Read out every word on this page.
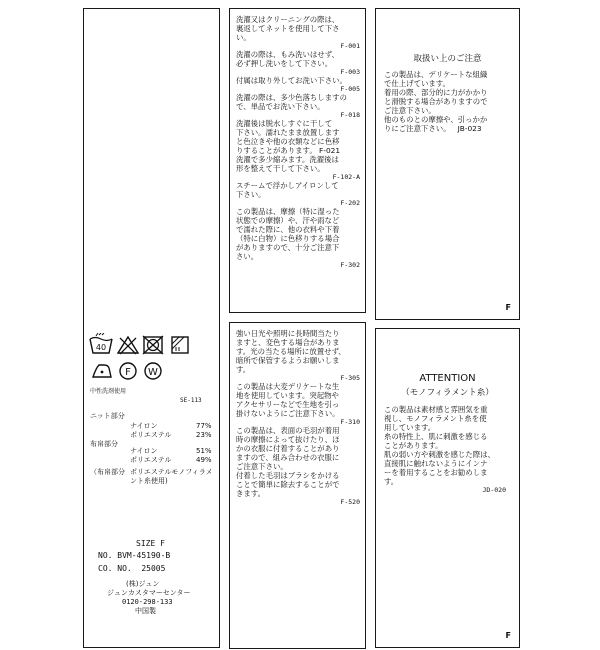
40
F W
中性洗剤使用
SE-113
ニット部分
ナイロン	77%
ポリエステル	23%
布帛部分
ナイロン	51%
ポリエステル	49%
（布帛部分 ポリエステルモノフィラメ
ント糸使用)
SIZE F
NO. BVM-45190-B
CO. NO.  25005
(株)ジュン
ジュンカスタマーセンター
0120-298-133
中国製
洗濯又はクリーニングの際は、
裏返してネットを使用して下さ
い。
F-001
洗濯の際は、もみ洗いはせず、
必ず押し洗いをして下さい。
F-003
付属は取り外してお洗い下さい。
F-005
洗濯の際は、多少色落ちしますの
で、単品でお洗い下さい。
F-018
洗濯後は脱水しすぐに干して
下さい。濡れたまま放置します
と色泣きや他の衣類などに色移
りすることがあります。 F-021
洗濯で多少縮みます。洗濯後は
形を整えて干して下さい。
F-102-A
スチームで浮かしアイロンして
下さい。
F-202
この製品は、摩擦（特に湿った
状態での摩擦）や、汗や雨など
で濡れた際に、他の衣料や下着
（特に白物）に色移りする場合
がありますので、十分ご注意下
さい。
F-302
強い日光や照明に長時間当たり
ますと、変色する場合がありま
す。光の当たる場所に放置せず、
暗所で保管するようお願いしま
す。
F-305
この製品は大変デリケートな生
地を使用しています。突起物や
アクセサリーなどで生地を引っ
掛けないようにご注意下さい。
F-310
この製品は、表面の毛羽が着用
時の摩擦によって抜けたり、ほ
かの衣服に付着することがあり
ますので、組み合わせの衣服に
ご注意下さい。
付着した毛羽はブラシをかける
ことで簡単に除去することがで
きます。
F-520
取扱い上のご注意
この製品は、デリケートな組織
で仕上げています。
着用の際、部分的に力がかかり
と滑脱する場合がありますので
ご注意下さい。
他のものとの摩擦や、引っかか
りにご注意下さい。   JB-023
F
ATTENTION
（モノフィラメント糸）
この製品は素材感と雰囲気を重
視し、モノフィラメント糸を使
用しています。
糸の特性上、肌に刺激を感じる
ことがあります。
肌の弱い方や刺激を感じた際は、
直接肌に触れないようにインナ
ーを着用することをお勧めしま
す。
JD-020
F
